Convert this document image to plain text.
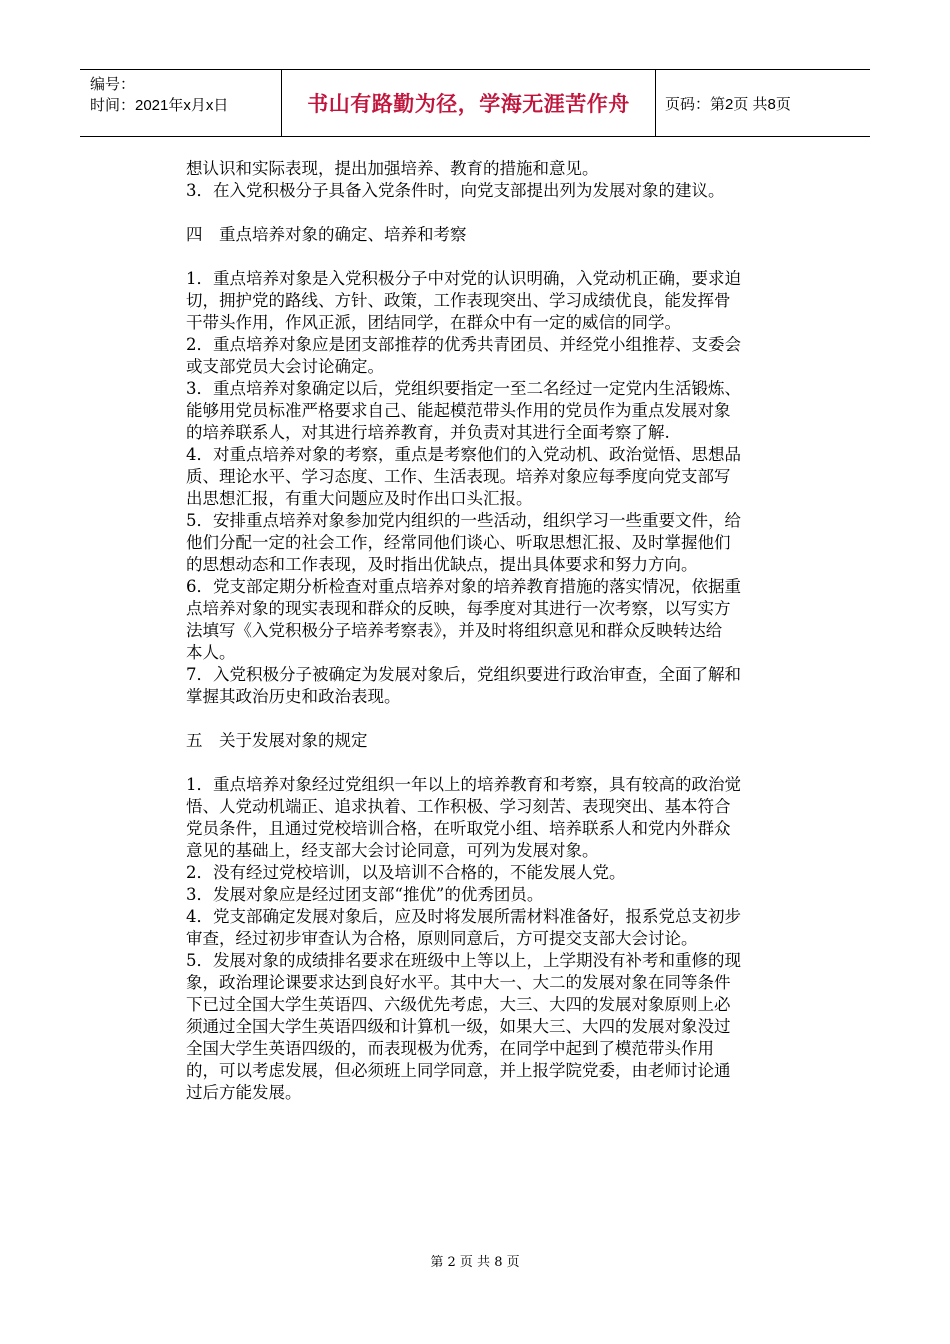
编号：
时间：2021年x月x日	书山有路勤为径，学海无涯苦作舟 页码：第2页 共8页
想认识和实际表现，提出加强培养、教育的措施和意见。
3．在入党积极分子具备入党条件时，向党支部提出列为发展对象的建议。
四　重点培养对象的确定、培养和考察
1．重点培养对象是入党积极分子中对党的认识明确，入党动机正确，要求迫
切，拥护党的路线、方针、政策，工作表现突出、学习成绩优良，能发挥骨
干带头作用，作风正派，团结同学，在群众中有一定的威信的同学。
2．重点培养对象应是团支部推荐的优秀共青团员、并经党小组推荐、支委会
或支部党员大会讨论确定。
3．重点培养对象确定以后，党组织要指定一至二名经过一定党内生活锻炼、
能够用党员标准严格要求自己、能起模范带头作用的党员作为重点发展对象
的培养联系人，对其进行培养教育，并负责对其进行全面考察了解.
4．对重点培养对象的考察，重点是考察他们的入党动机、政治觉悟、思想品
质、理论水平、学习态度、工作、生活表现。培养对象应每季度向党支部写
出思想汇报，有重大问题应及时作出口头汇报。
5．安排重点培养对象参加党内组织的一些活动，组织学习一些重要文件，给
他们分配一定的社会工作，经常同他们谈心、听取思想汇报、及时掌握他们
的思想动态和工作表现，及时指出优缺点，提出具体要求和努力方向。
6．党支部定期分析检查对重点培养对象的培养教育措施的落实情况，依据重
点培养对象的现实表现和群众的反映，每季度对其进行一次考察，以写实方
法填写《入党积极分子培养考察表》，并及时将组织意见和群众反映转达给
本人。
7．入党积极分子被确定为发展对象后，党组织要进行政治审查，全面了解和
掌握其政治历史和政治表现。
五　关于发展对象的规定
1．重点培养对象经过党组织一年以上的培养教育和考察，具有较高的政治觉
悟、人党动机端正、追求执着、工作积极、学习刻苦、表现突出、基本符合
党员条件，且通过党校培训合格，在听取党小组、培养联系人和党内外群众
意见的基础上，经支部大会讨论同意，可列为发展对象。
2．没有经过党校培训，以及培训不合格的，不能发展人党。
3．发展对象应是经过团支部“推优”的优秀团员。
4．党支部确定发展对象后，应及时将发展所需材料准备好，报系党总支初步
审查，经过初步审查认为合格，原则同意后，方可提交支部大会讨论。
5．发展对象的成绩排名要求在班级中上等以上，上学期没有补考和重修的现
象，政治理论课要求达到良好水平。其中大一、大二的发展对象在同等条件
下已过全国大学生英语四、六级优先考虑，大三、大四的发展对象原则上必
须通过全国大学生英语四级和计算机一级，如果大三、大四的发展对象没过
全国大学生英语四级的，而表现极为优秀，在同学中起到了模范带头作用
的，可以考虑发展，但必须班上同学同意，并上报学院党委，由老师讨论通
过后方能发展。
第 2 页 共 8 页
